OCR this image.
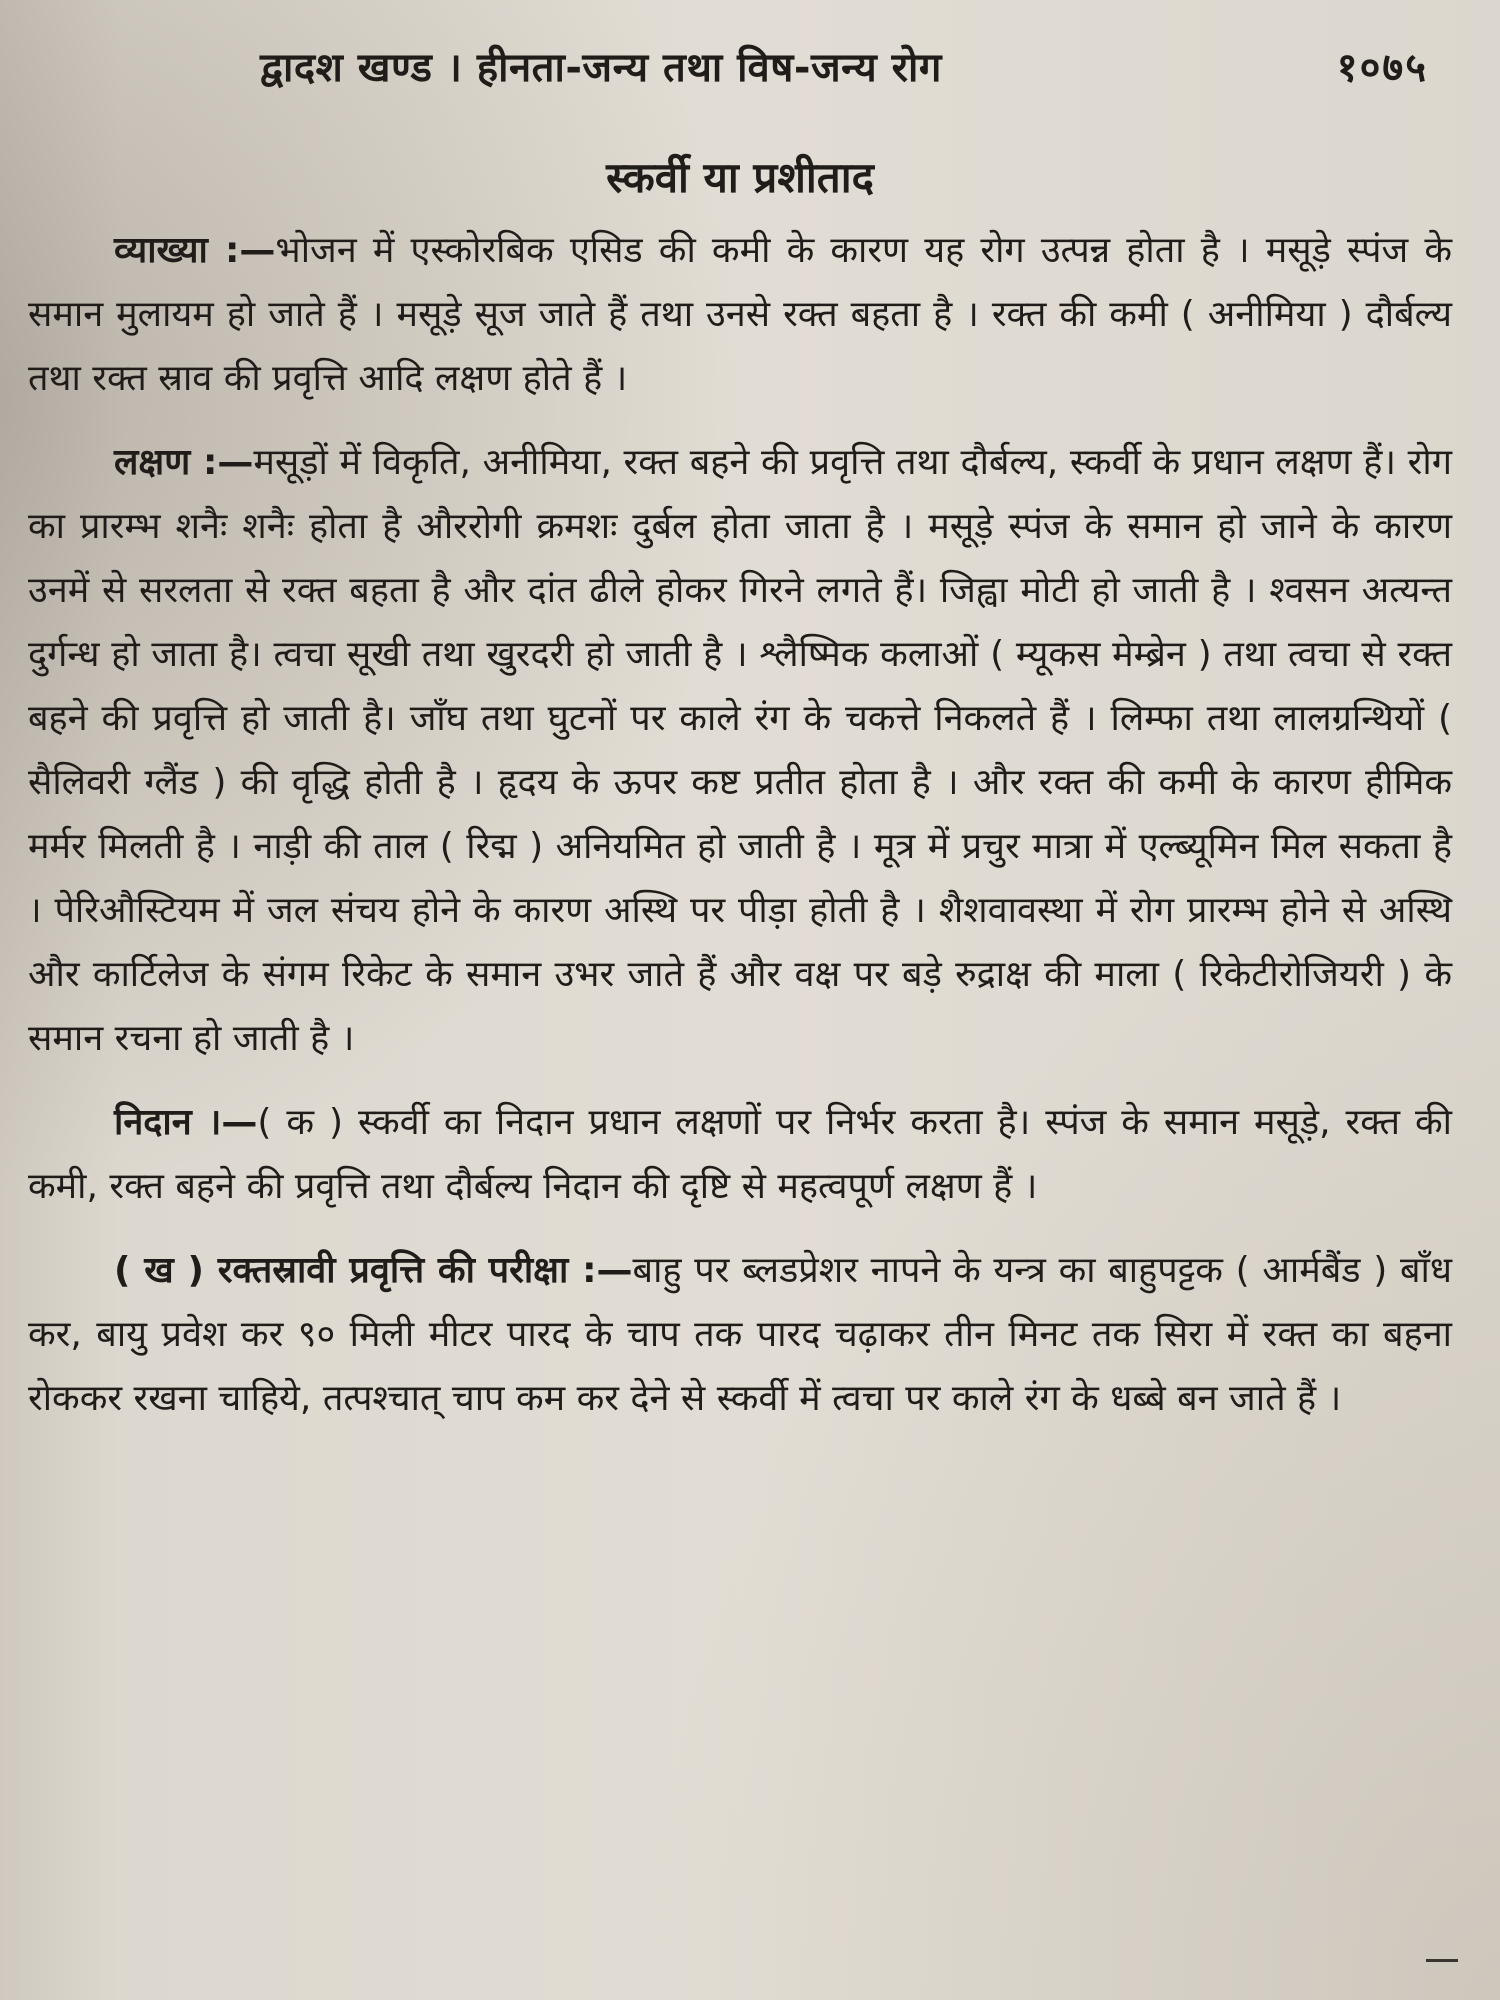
द्वादश खण्ड । हीनता-जन्य तथा विष-जन्य रोग	१०७५
स्कर्वी या प्रशीताद

व्याख्या :—भोजन में एस्कोरबिक एसिड की कमी के कारण यह रोग उत्पन्न होता है । मसूड़े स्पंज के समान मुलायम हो जाते हैं । मसूड़े सूज जाते हैं तथा उनसे रक्त बहता है । रक्त की कमी ( अनीमिया ) दौर्बल्य तथा रक्त स्राव की प्रवृत्ति आदि लक्षण होते हैं ।

लक्षण :—मसूड़ों में विकृति, अनीमिया, रक्त बहने की प्रवृत्ति तथा दौर्बल्य, स्कर्वी के प्रधान लक्षण हैं। रोग का प्रारम्भ शनैः शनैः होता है औररोगी क्रमशः दुर्बल होता जाता है । मसूड़े स्पंज के समान हो जाने के कारण उनमें से सरलता से रक्त बहता है और दांत ढीले होकर गिरने लगते हैं। जिह्वा मोटी हो जाती है । श्वसन अत्यन्त दुर्गन्ध हो जाता है। त्वचा सूखी तथा खुरदरी हो जाती है । श्लैष्मिक कलाओं ( म्यूकस मेम्ब्रेन ) तथा त्वचा से रक्त बहने की प्रवृत्ति हो जाती है। जाँघ तथा घुटनों पर काले रंग के चकत्ते निकलते हैं । लिम्फा तथा लालग्रन्थियों ( सैलिवरी ग्लैंड ) की वृद्धि होती है । हृदय के ऊपर कष्ट प्रतीत होता है । और रक्त की कमी के कारण हीमिक मर्मर मिलती है । नाड़ी की ताल ( रिद्म ) अनियमित हो जाती है । मूत्र में प्रचुर मात्रा में एल्ब्यूमिन मिल सकता है । पेरिऔस्टियम में जल संचय होने के कारण अस्थि पर पीड़ा होती है । शैशवावस्था में रोग प्रारम्भ होने से अस्थि और कार्टिलेज के संगम रिकेट के समान उभर जाते हैं और वक्ष पर बड़े रुद्राक्ष की माला ( रिकेटीरोजियरी ) के समान रचना हो जाती है ।

निदान ।—( क ) स्कर्वी का निदान प्रधान लक्षणों पर निर्भर करता है। स्पंज के समान मसूड़े, रक्त की कमी, रक्त बहने की प्रवृत्ति तथा दौर्बल्य निदान की दृष्टि से महत्वपूर्ण लक्षण हैं ।

( ख ) रक्तस्रावी प्रवृत्ति की परीक्षा :—बाहु पर ब्लडप्रेशर नापने के यन्त्र का बाहुपट्टक ( आर्मबैंड ) बाँध कर, बायु प्रवेश कर ९० मिली मीटर पारद के चाप तक पारद चढ़ाकर तीन मिनट तक सिरा में रक्त का बहना रोककर रखना चाहिये, तत्पश्चात् चाप कम कर देने से स्कर्वी में त्वचा पर काले रंग के धब्बे बन जाते हैं ।
